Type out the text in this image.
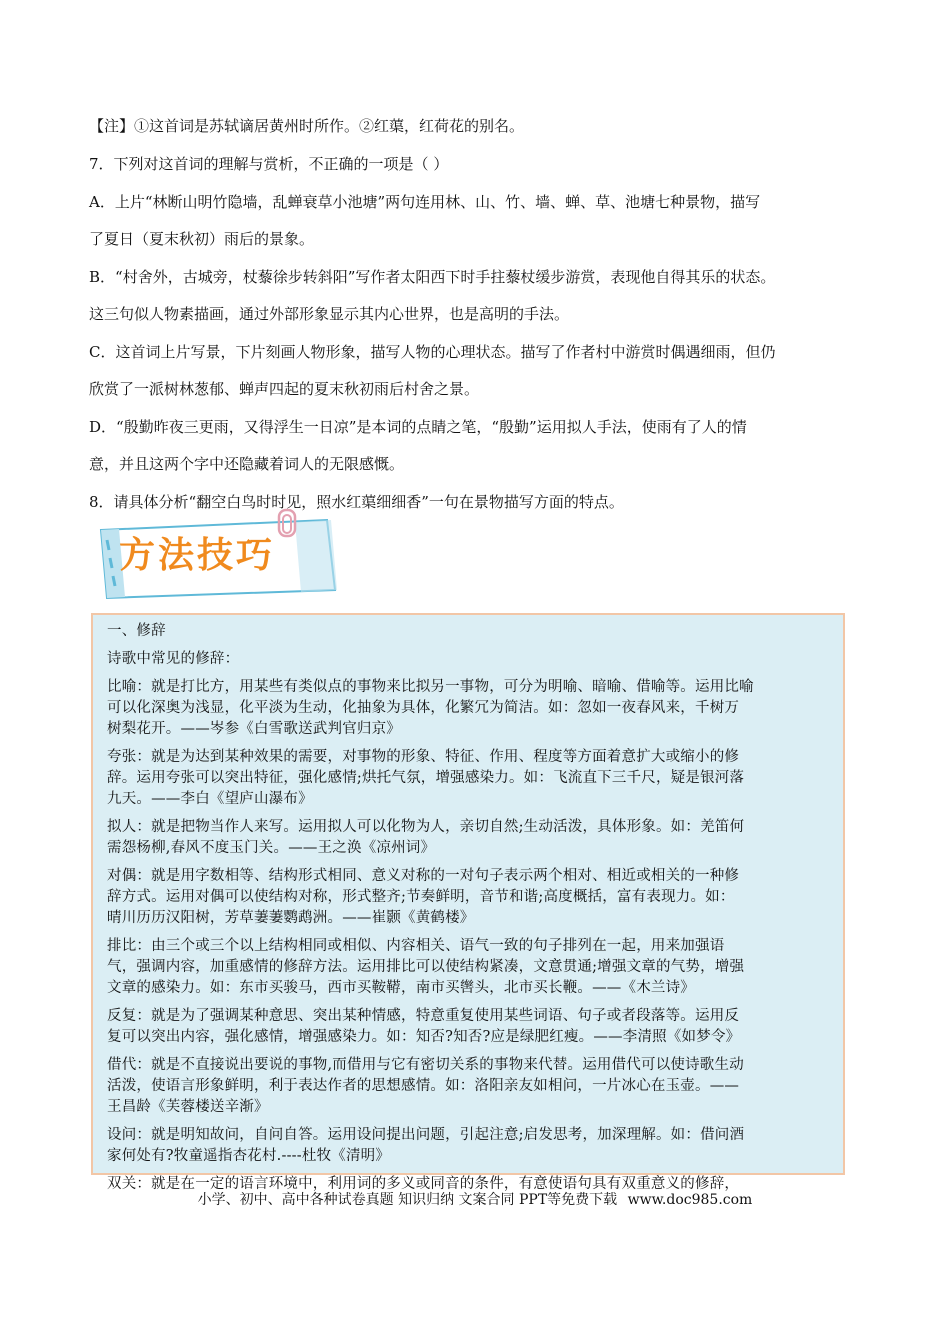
【注】①这首词是苏轼谪居黄州时所作。②红蕖，红荷花的别名。

7．下列对这首词的理解与赏析，不正确的一项是（ ）

A．上片“林断山明竹隐墙，乱蝉衰草小池塘”两句连用林、山、竹、墙、蝉、草、池塘七种景物，描写

了夏日（夏末秋初）雨后的景象。

B．“村舍外，古城旁，杖藜徐步转斜阳”写作者太阳西下时手拄藜杖缓步游赏，表现他自得其乐的状态。

这三句似人物素描画，通过外部形象显示其内心世界，也是高明的手法。

C．这首词上片写景，下片刻画人物形象，描写人物的心理状态。描写了作者村中游赏时偶遇细雨，但仍

欣赏了一派树林葱郁、蝉声四起的夏末秋初雨后村舍之景。

D．“殷勤昨夜三更雨，又得浮生一日凉”是本词的点睛之笔，“殷勤”运用拟人手法，使雨有了人的情

意，并且这两个字中还隐藏着词人的无限感慨。

8．请具体分析“翻空白鸟时时见，照水红蕖细细香”一句在景物描写方面的特点。

方法技巧

一、修辞

诗歌中常见的修辞：

比喻：就是打比方，用某些有类似点的事物来比拟另一事物，可分为明喻、暗喻、借喻等。运用比喻

可以化深奥为浅显，化平淡为生动，化抽象为具体，化繁冗为简洁。如：忽如一夜春风来，千树万

树梨花开。——岑参《白雪歌送武判官归京》

夸张：就是为达到某种效果的需要，对事物的形象、特征、作用、程度等方面着意扩大或缩小的修

辞。运用夸张可以突出特征，强化感情;烘托气氛，增强感染力。如：飞流直下三千尺，疑是银河落

九天。——李白《望庐山瀑布》

拟人：就是把物当作人来写。运用拟人可以化物为人，亲切自然;生动活泼，具体形象。如：羌笛何

需怨杨柳,春风不度玉门关。——王之涣《凉州词》

对偶：就是用字数相等、结构形式相同、意义对称的一对句子表示两个相对、相近或相关的一种修

辞方式。运用对偶可以使结构对称，形式整齐;节奏鲜明，音节和谐;高度概括，富有表现力。如：

晴川历历汉阳树，芳草萋萋鹦鹉洲。——崔颢《黄鹤楼》

排比：由三个或三个以上结构相同或相似、内容相关、语气一致的句子排列在一起，用来加强语

气，强调内容，加重感情的修辞方法。运用排比可以使结构紧凑，文意贯通;增强文章的气势，增强

文章的感染力。如：东市买骏马，西市买鞍鞯，南市买辔头，北市买长鞭。——《木兰诗》

反复：就是为了强调某种意思、突出某种情感，特意重复使用某些词语、句子或者段落等。运用反

复可以突出内容，强化感情，增强感染力。如：知否?知否?应是绿肥红瘦。——李清照《如梦令》

借代：就是不直接说出要说的事物,而借用与它有密切关系的事物来代替。运用借代可以使诗歌生动

活泼，使语言形象鲜明，利于表达作者的思想感情。如：洛阳亲友如相问，一片冰心在玉壶。——

王昌龄《芙蓉楼送辛渐》

设问：就是明知故问，自问自答。运用设问提出问题，引起注意;启发思考，加深理解。如：借问酒

家何处有?牧童遥指杏花村.----杜牧《清明》

双关：就是在一定的语言环境中，利用词的多义或同音的条件，有意使语句具有双重意义的修辞，

小学、初中、高中各种试卷真题 知识归纳 文案合同 PPT等免费下载 www.doc985.com
